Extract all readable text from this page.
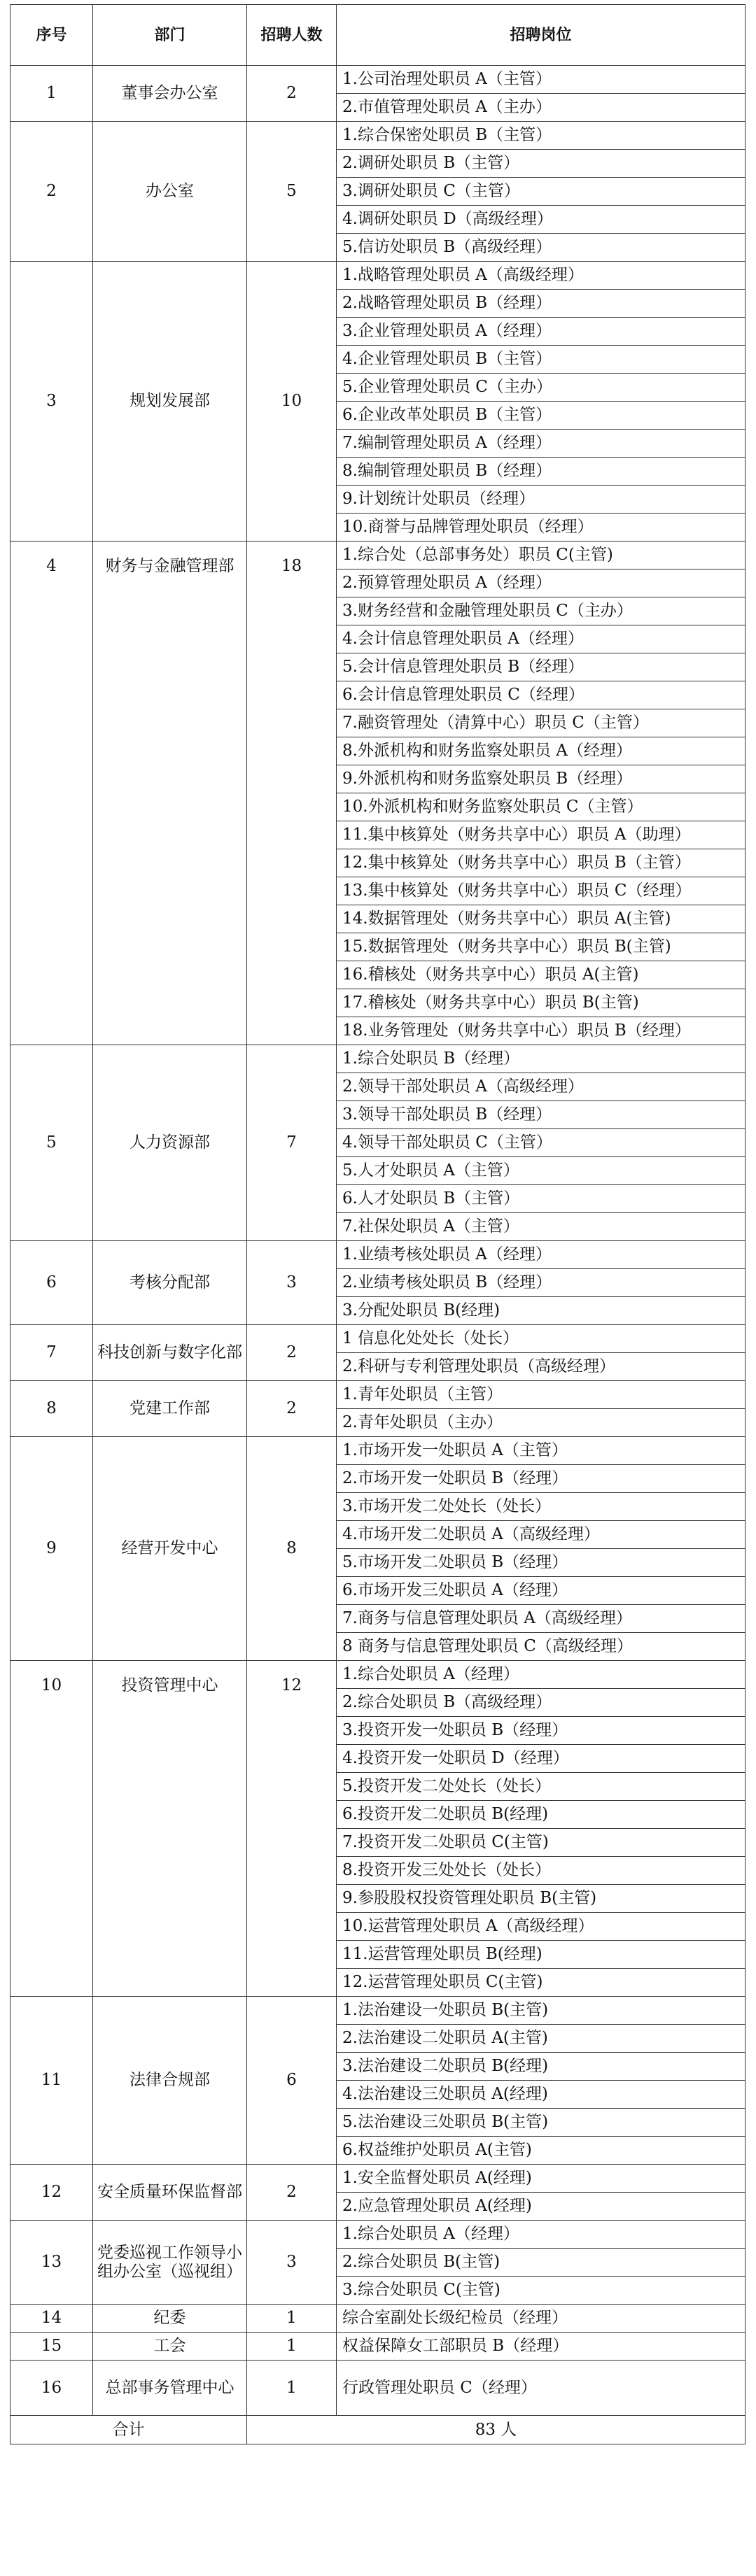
序号	部门	招聘人数	招聘岗位
1	董事会办公室	2	1.公司治理处职员 A（主管）
			2.市值管理处职员 A（主办）
2	办公室	5	1.综合保密处职员 B（主管）
			2.调研处职员 B（主管）
			3.调研处职员 C（主管）
			4.调研处职员 D（高级经理）
			5.信访处职员 B（高级经理）
3	规划发展部	10	1.战略管理处职员 A（高级经理）
			2.战略管理处职员 B（经理）
			3.企业管理处职员 A（经理）
			4.企业管理处职员 B（主管）
			5.企业管理处职员 C（主办）
			6.企业改革处职员 B（主管）
			7.编制管理处职员 A（经理）
			8.编制管理处职员 B（经理）
			9.计划统计处职员（经理）
			10.商誉与品牌管理处职员（经理）
4	财务与金融管理部	18	1.综合处（总部事务处）职员 C(主管)
			2.预算管理处职员 A（经理）
			3.财务经营和金融管理处职员 C（主办）
			4.会计信息管理处职员 A（经理）
			5.会计信息管理处职员 B（经理）
			6.会计信息管理处职员 C（经理）
			7.融资管理处（清算中心）职员 C（主管）
			8.外派机构和财务监察处职员 A（经理）
			9.外派机构和财务监察处职员 B（经理）
			10.外派机构和财务监察处职员 C（主管）
			11.集中核算处（财务共享中心）职员 A（助理）
			12.集中核算处（财务共享中心）职员 B（主管）
			13.集中核算处（财务共享中心）职员 C（经理）
			14.数据管理处（财务共享中心）职员 A(主管)
			15.数据管理处（财务共享中心）职员 B(主管)
			16.稽核处（财务共享中心）职员 A(主管)
			17.稽核处（财务共享中心）职员 B(主管)
			18.业务管理处（财务共享中心）职员 B（经理）
5	人力资源部	7	1.综合处职员 B（经理）
			2.领导干部处职员 A（高级经理）
			3.领导干部处职员 B（经理）
			4.领导干部处职员 C（主管）
			5.人才处职员 A（主管）
			6.人才处职员 B（主管）
			7.社保处职员 A（主管）
6	考核分配部	3	1.业绩考核处职员 A（经理）
			2.业绩考核处职员 B（经理）
			3.分配处职员 B(经理)
7	科技创新与数字化部	2	1 信息化处处长（处长）
			2.科研与专利管理处职员（高级经理）
8	党建工作部	2	1.青年处职员（主管）
			2.青年处职员（主办）
9	经营开发中心	8	1.市场开发一处职员 A（主管）
			2.市场开发一处职员 B（经理）
			3.市场开发二处处长（处长）
			4.市场开发二处职员 A（高级经理）
			5.市场开发二处职员 B（经理）
			6.市场开发三处职员 A（经理）
			7.商务与信息管理处职员 A（高级经理）
			8 商务与信息管理处职员 C（高级经理）
10	投资管理中心	12	1.综合处职员 A（经理）
			2.综合处职员 B（高级经理）
			3.投资开发一处职员 B（经理）
			4.投资开发一处职员 D（经理）
			5.投资开发二处处长（处长）
			6.投资开发二处职员 B(经理)
			7.投资开发二处职员 C(主管)
			8.投资开发三处处长（处长）
			9.参股股权投资管理处职员 B(主管)
			10.运营管理处职员 A（高级经理）
			11.运营管理处职员 B(经理)
			12.运营管理处职员 C(主管)
11	法律合规部	6	1.法治建设一处职员 B(主管)
			2.法治建设二处职员 A(主管)
			3.法治建设二处职员 B(经理)
			4.法治建设三处职员 A(经理)
			5.法治建设三处职员 B(主管)
			6.权益维护处职员 A(主管)
12	安全质量环保监督部	2	1.安全监督处职员 A(经理)
			2.应急管理处职员 A(经理)
13	党委巡视工作领导小组办公室（巡视组）	3	1.综合处职员 A（经理）
			2.综合处职员 B(主管)
			3.综合处职员 C(主管)
14	纪委	1	综合室副处长级纪检员（经理）
15	工会	1	权益保障女工部职员 B（经理）
16	总部事务管理中心	1	行政管理处职员 C（经理）
合计		83 人	
